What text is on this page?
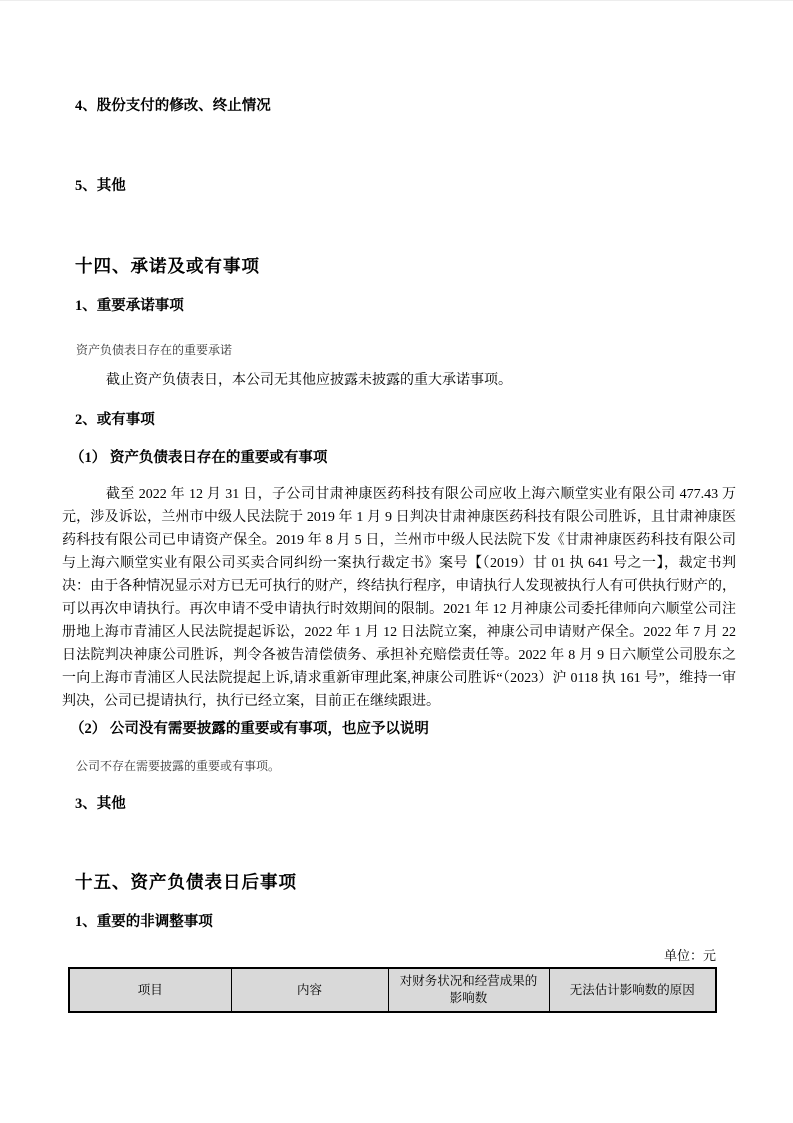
4、股份支付的修改、终止情况
5、其他
十四、承诺及或有事项
1、重要承诺事项
资产负债表日存在的重要承诺
截止资产负债表日，本公司无其他应披露未披露的重大承诺事项。
2、或有事项
（1） 资产负债表日存在的重要或有事项

截至 2022 年 12 月 31 日，子公司甘肃神康医药科技有限公司应收上海六顺堂实业有限公司 477.43 万元，涉及诉讼，兰州市中级人民法院于 2019 年 1 月 9 日判决甘肃神康医药科技有限公司胜诉，且甘肃神康医药科技有限公司已申请资产保全。2019 年 8 月 5 日，兰州市中级人民法院下发《甘肃神康医药科技有限公司与上海六顺堂实业有限公司买卖合同纠纷一案执行裁定书》案号【（2019）甘 01 执 641 号之一】，裁定书判决：由于各种情况显示对方已无可执行的财产，终结执行程序，申请执行人发现被执行人有可供执行财产的，可以再次申请执行。再次申请不受申请执行时效期间的限制。2021 年 12 月神康公司委托律师向六顺堂公司注册地上海市青浦区人民法院提起诉讼，2022 年 1 月 12 日法院立案，神康公司申请财产保全。2022 年 7 月 22 日法院判决神康公司胜诉，判令各被告清偿债务、承担补充赔偿责任等。2022 年 8 月 9 日六顺堂公司股东之一向上海市青浦区人民法院提起上诉,请求重新审理此案,神康公司胜诉“（2023）沪 0118 执 161 号”，维持一审判决，公司已提请执行，执行已经立案，目前正在继续跟进。

（2） 公司没有需要披露的重要或有事项，也应予以说明
公司不存在需要披露的重要或有事项。
3、其他
十五、资产负债表日后事项
1、重要的非调整事项
单位：元
项目	内容	对财务状况和经营成果的影响数	无法估计影响数的原因
